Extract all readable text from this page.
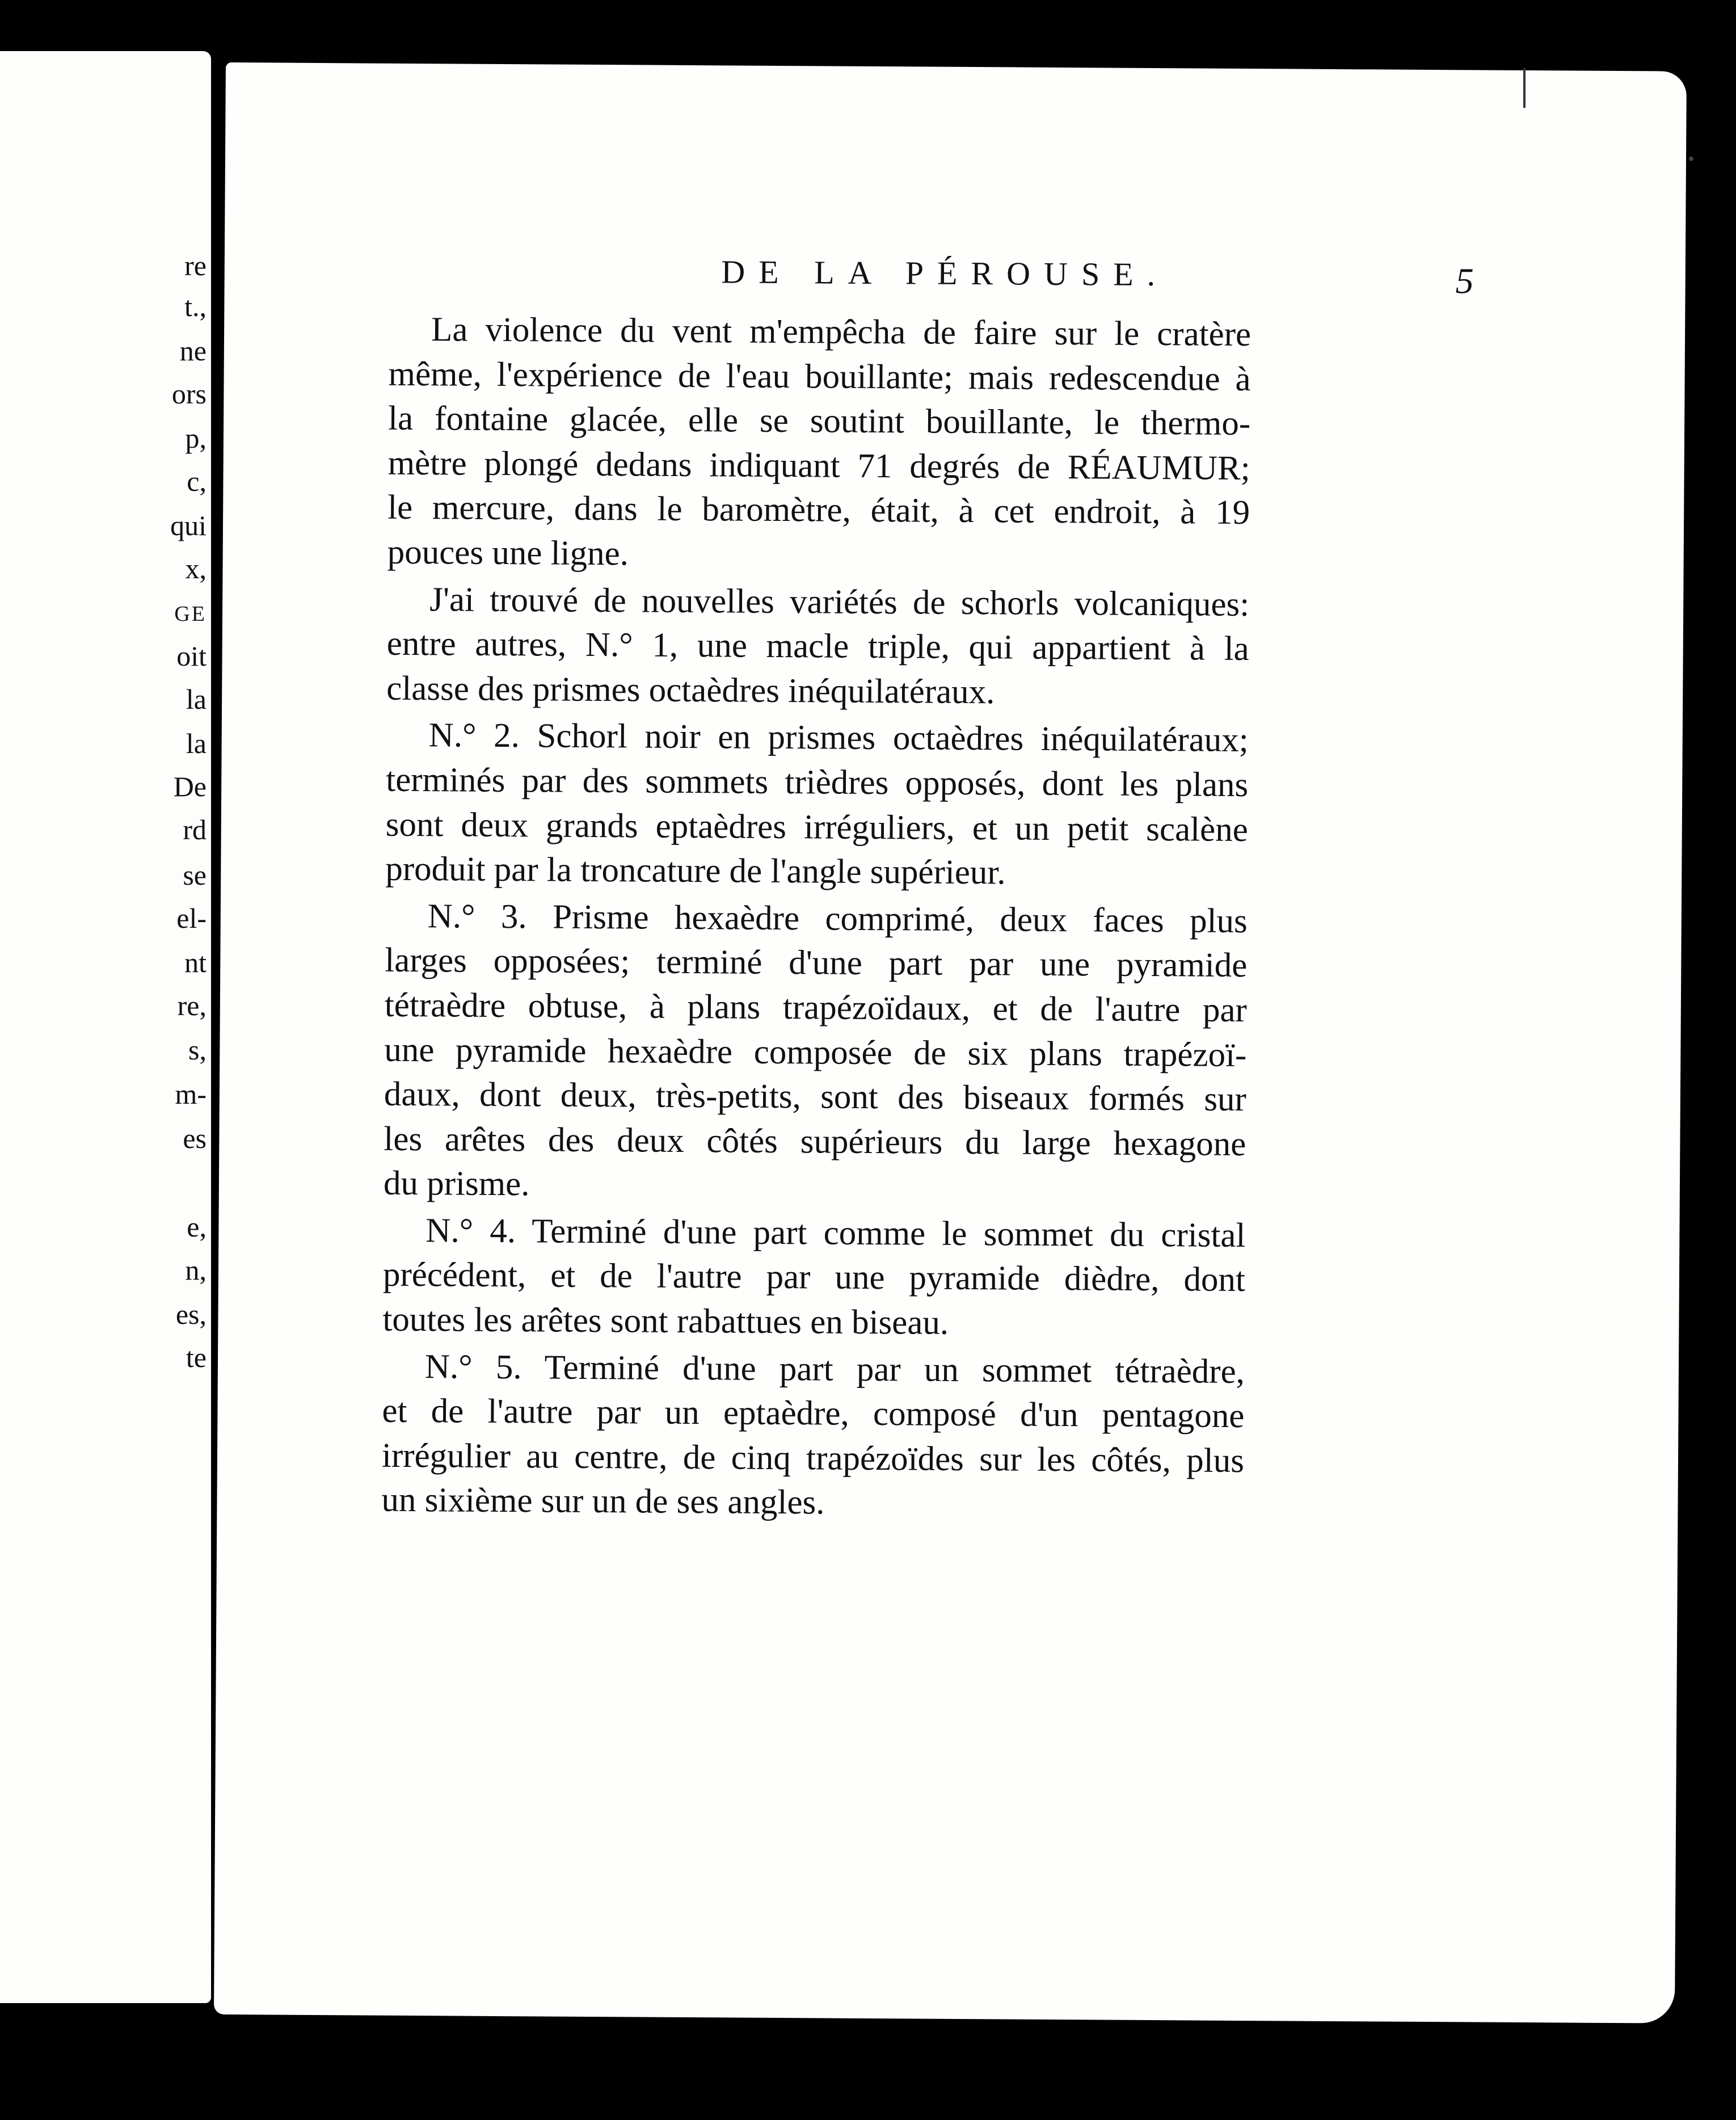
re
t.,
ne
ors
p,
c,
qui
x,
GE
oit
la
la
De
rd
se
el-
nt
re,
s,
m-
es
e,
n,
es,
te
DE LA PÉROUSE.	5
La violence du vent m'empêcha de faire sur le cratère
même, l'expérience de l'eau bouillante; mais redescendue à
la fontaine glacée, elle se soutint bouillante, le thermo-
mètre plongé dedans indiquant 71 degrés de RÉAUMUR;
le mercure, dans le baromètre, était, à cet endroit, à 19
pouces une ligne.
J'ai trouvé de nouvelles variétés de schorls volcaniques:
entre autres, N.° 1, une macle triple, qui appartient à la
classe des prismes octaèdres inéquilatéraux.
N.° 2. Schorl noir en prismes octaèdres inéquilatéraux;
terminés par des sommets trièdres opposés, dont les plans
sont deux grands eptaèdres irréguliers, et un petit scalène
produit par la troncature de l'angle supérieur.
N.° 3. Prisme hexaèdre comprimé, deux faces plus
larges opposées; terminé d'une part par une pyramide
tétraèdre obtuse, à plans trapézoïdaux, et de l'autre par
une pyramide hexaèdre composée de six plans trapézoï-
daux, dont deux, très-petits, sont des biseaux formés sur
les arêtes des deux côtés supérieurs du large hexagone
du prisme.
N.° 4. Terminé d'une part comme le sommet du cristal
précédent, et de l'autre par une pyramide dièdre, dont
toutes les arêtes sont rabattues en biseau.
N.° 5. Terminé d'une part par un sommet tétraèdre,
et de l'autre par un eptaèdre, composé d'un pentagone
irrégulier au centre, de cinq trapézoïdes sur les côtés, plus
un sixième sur un de ses angles.
